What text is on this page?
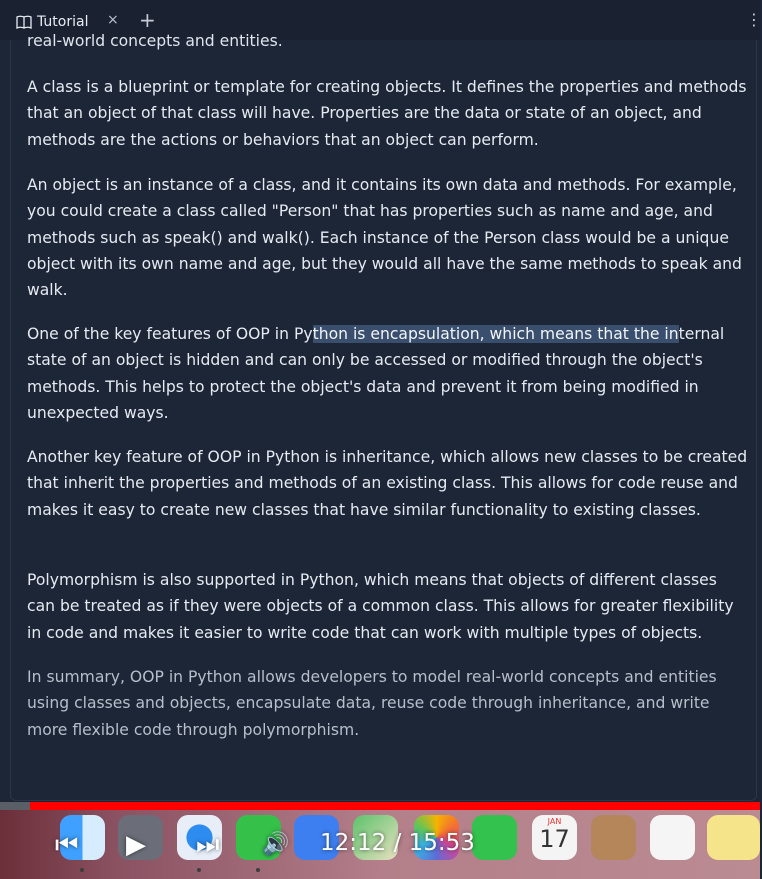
Tutorial × +	⋮
real-world concepts and entities.

A class is a blueprint or template for creating objects. It defines the properties and methods that an object of that class will have. Properties are the data or state of an object, and methods are the actions or behaviors that an object can perform.

An object is an instance of a class, and it contains its own data and methods. For example, you could create a class called "Person" that has properties such as name and age, and methods such as speak() and walk(). Each instance of the Person class would be a unique object with its own name and age, but they would all have the same methods to speak and walk.

One of the key features of OOP in Python is encapsulation, which means that the internal state of an object is hidden and can only be accessed or modified through the object's methods. This helps to protect the object's data and prevent it from being modified in unexpected ways.

Another key feature of OOP in Python is inheritance, which allows new classes to be created that inherit the properties and methods of an existing class. This allows for code reuse and makes it easy to create new classes that have similar functionality to existing classes.

Polymorphism is also supported in Python, which means that objects of different classes can be treated as if they were objects of a common class. This allows for greater flexibility in code and makes it easier to write code that can work with multiple types of objects.

In summary, OOP in Python allows developers to model real-world concepts and entities using classes and objects, encapsulate data, reuse code through inheritance, and write more flexible code through polymorphism.

JAN
17
⏮ ▶ ⏭ 🔊 12:12 / 15:53
